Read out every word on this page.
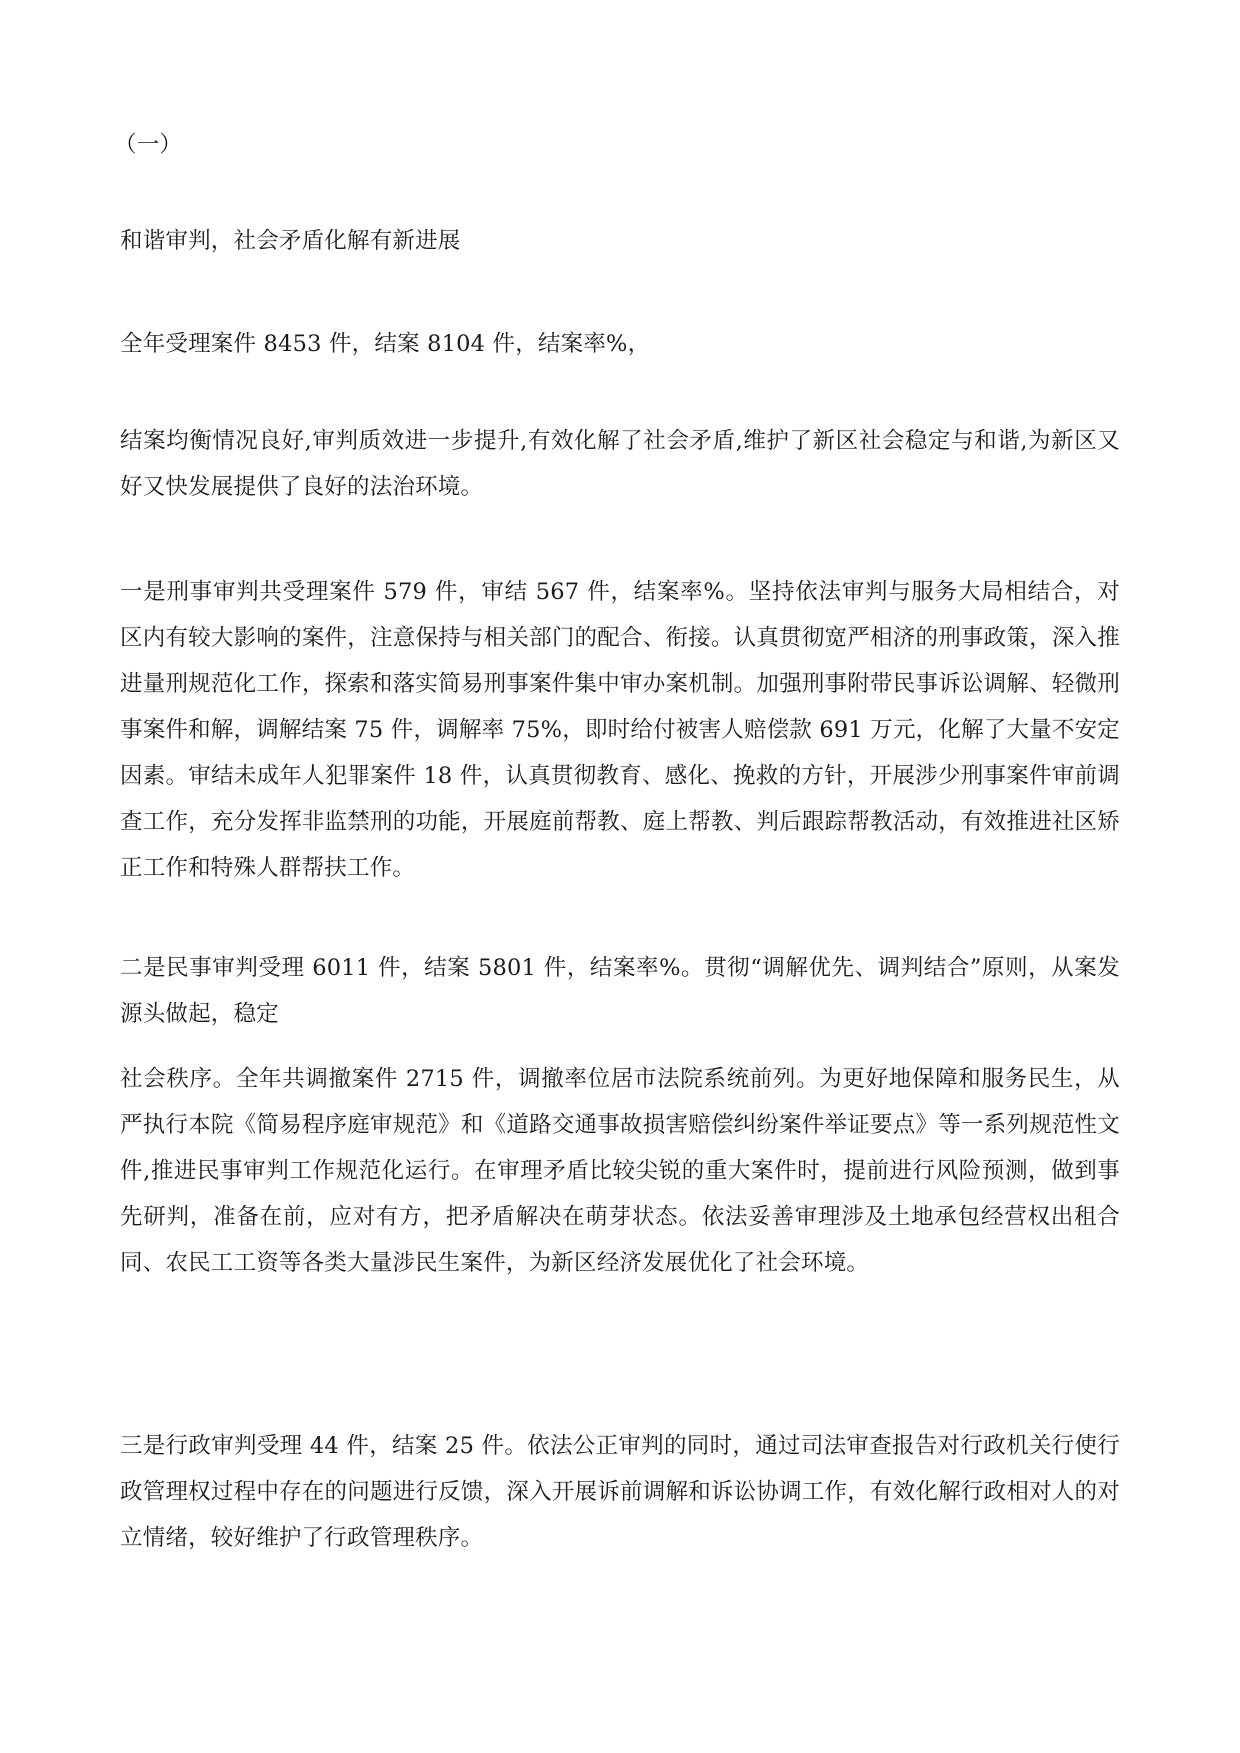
（一）

和谐审判，社会矛盾化解有新进展

全年受理案件 8453 件，结案 8104 件，结案率%，

结案均衡情况良好,审判质效进一步提升,有效化解了社会矛盾,维护了新区社会稳定与和谐,为新区又好又快发展提供了良好的法治环境。

一是刑事审判共受理案件 579 件，审结 567 件，结案率%。坚持依法审判与服务大局相结合，对区内有较大影响的案件，注意保持与相关部门的配合、衔接。认真贯彻宽严相济的刑事政策，深入推进量刑规范化工作，探索和落实简易刑事案件集中审办案机制。加强刑事附带民事诉讼调解、轻微刑事案件和解，调解结案 75 件，调解率 75%，即时给付被害人赔偿款 691 万元，化解了大量不安定因素。审结未成年人犯罪案件 18 件，认真贯彻教育、感化、挽救的方针，开展涉少刑事案件审前调查工作，充分发挥非监禁刑的功能，开展庭前帮教、庭上帮教、判后跟踪帮教活动，有效推进社区矫正工作和特殊人群帮扶工作。

二是民事审判受理 6011 件，结案 5801 件，结案率%。贯彻“调解优先、调判结合”原则，从案发源头做起，稳定

社会秩序。全年共调撤案件 2715 件，调撤率位居市法院系统前列。为更好地保障和服务民生，从严执行本院《简易程序庭审规范》和《道路交通事故损害赔偿纠纷案件举证要点》等一系列规范性文件,推进民事审判工作规范化运行。在审理矛盾比较尖锐的重大案件时，提前进行风险预测，做到事先研判，准备在前，应对有方，把矛盾解决在萌芽状态。依法妥善审理涉及土地承包经营权出租合同、农民工工资等各类大量涉民生案件，为新区经济发展优化了社会环境。

三是行政审判受理 44 件，结案 25 件。依法公正审判的同时，通过司法审查报告对行政机关行使行政管理权过程中存在的问题进行反馈，深入开展诉前调解和诉讼协调工作，有效化解行政相对人的对立情绪，较好维护了行政管理秩序。
